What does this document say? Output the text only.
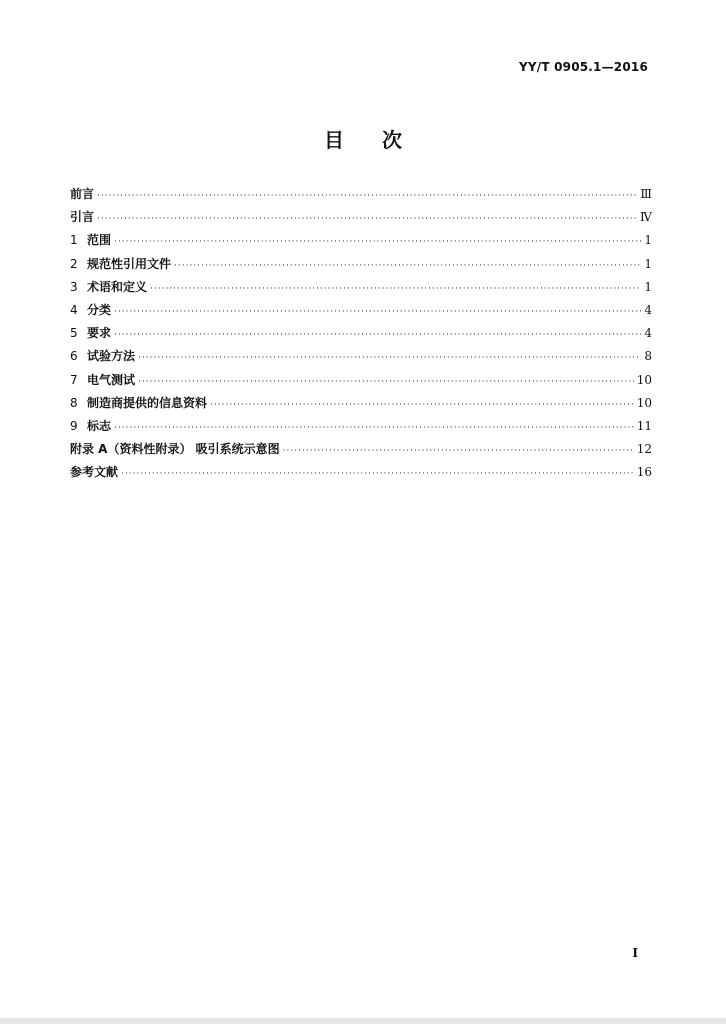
YY/T 0905.1—2016
目 次
前言 ·····	Ⅲ
引言 ·····	Ⅳ
1 范围 ·····	1
2 规范性引用文件 ·····	1
3 术语和定义 ·····	1
4 分类 ·····	4
5 要求 ·····	4
6 试验方法 ·····	8
7 电气测试 ·····	10
8 制造商提供的信息资料 ·····	10
9 标志 ·····	11
附录 A（资料性附录） 吸引系统示意图 ·····	12
参考文献 ·····	16
I
